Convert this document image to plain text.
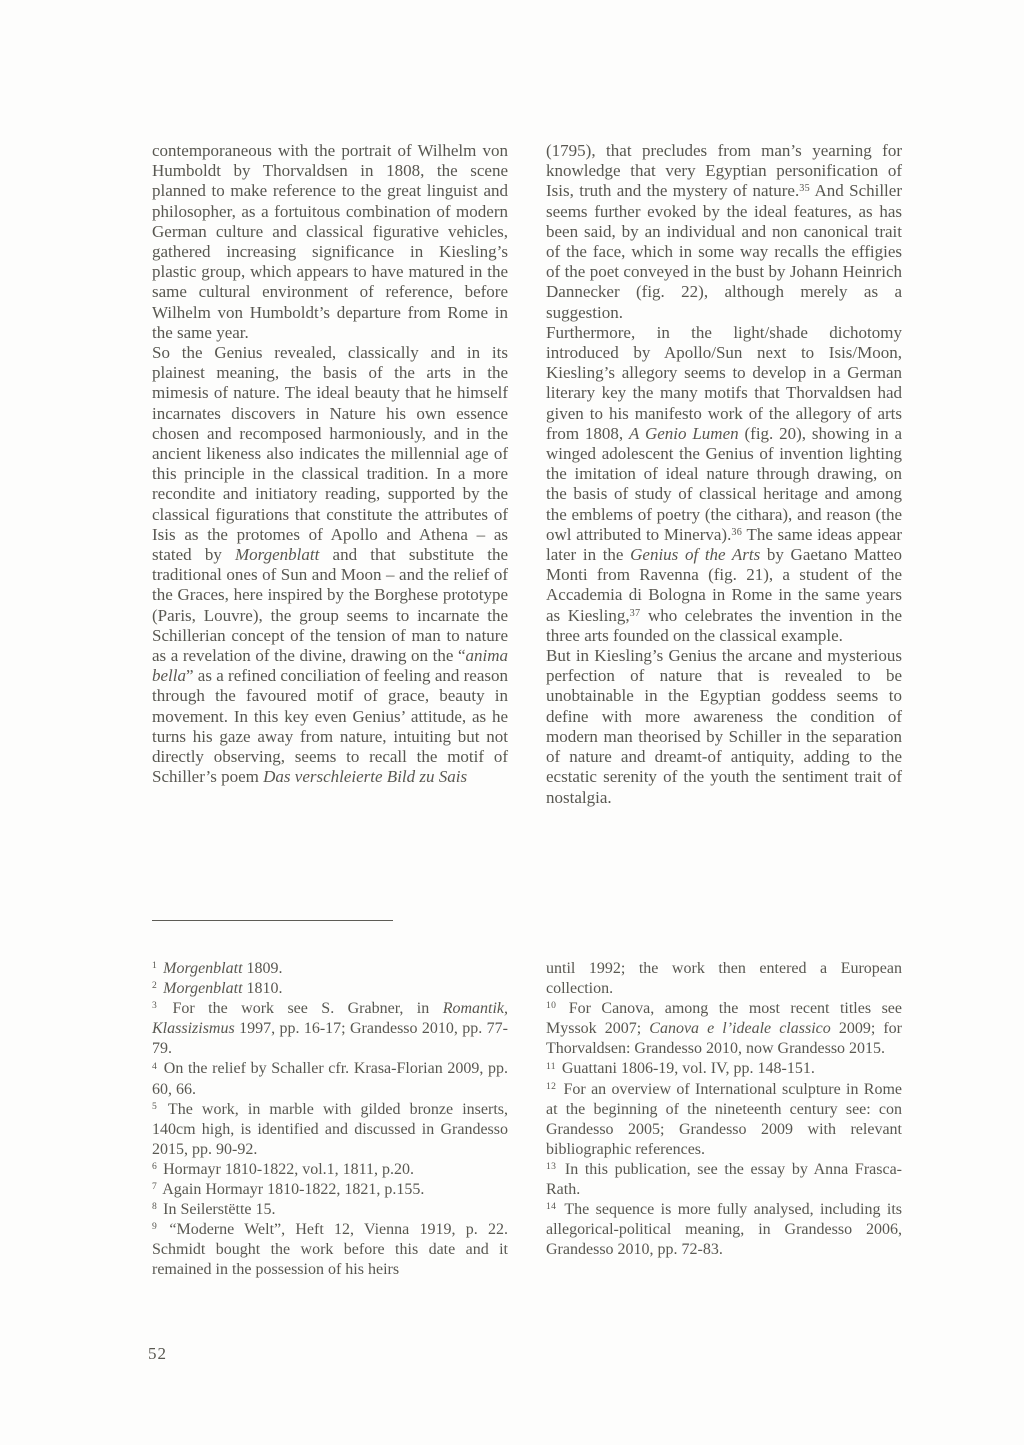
contemporaneous with the portrait of Wilhelm von Humboldt by Thorvaldsen in 1808, the scene planned to make reference to the great linguist and philosopher, as a fortuitous combination of modern German culture and classical figurative vehicles, gathered increasing significance in Kiesling’s plastic group, which appears to have matured in the same cultural environment of reference, before Wilhelm von Humboldt’s departure from Rome in the same year.

So the Genius revealed, classically and in its plainest meaning, the basis of the arts in the mimesis of nature. The ideal beauty that he himself incarnates discovers in Nature his own essence chosen and recomposed harmoniously, and in the ancient likeness also indicates the millennial age of this principle in the classical tradition. In a more recondite and initiatory reading, supported by the classical figurations that constitute the attributes of Isis as the protomes of Apollo and Athena – as stated by Morgenblatt and that substitute the traditional ones of Sun and Moon – and the relief of the Graces, here inspired by the Borghese prototype (Paris, Louvre), the group seems to incarnate the Schillerian concept of the tension of man to nature as a revelation of the divine, drawing on the “anima bella” as a refined conciliation of feeling and reason through the favoured motif of grace, beauty in movement. In this key even Genius’ attitude, as he turns his gaze away from nature, intuiting but not directly observing, seems to recall the motif of Schiller’s poem Das verschleierte Bild zu Sais

(1795), that precludes from man’s yearning for knowledge that very Egyptian personification of Isis, truth and the mystery of nature.$^{35}$ And Schiller seems further evoked by the ideal features, as has been said, by an individual and non canonical trait of the face, which in some way recalls the effigies of the poet conveyed in the bust by Johann Heinrich Dannecker (fig. 22), although merely as a suggestion.

Furthermore, in the light/shade dichotomy introduced by Apollo/Sun next to Isis/Moon, Kiesling’s allegory seems to develop in a German literary key the many motifs that Thorvaldsen had given to his manifesto work of the allegory of arts from 1808, A Genio Lumen (fig. 20), showing in a winged adolescent the Genius of invention lighting the imitation of ideal nature through drawing, on the basis of study of classical heritage and among the emblems of poetry (the cithara), and reason (the owl attributed to Minerva).$^{36}$ The same ideas appear later in the Genius of the Arts by Gaetano Matteo Monti from Ravenna (fig. 21), a student of the Accademia di Bologna in Rome in the same years as Kiesling,$^{37}$ who celebrates the invention in the three arts founded on the classical example.

But in Kiesling’s Genius the arcane and mysterious perfection of nature that is revealed to be unobtainable in the Egyptian goddess seems to define with more awareness the condition of modern man theorised by Schiller in the separation of nature and dreamt-of antiquity, adding to the ecstatic serenity of the youth the sentiment trait of nostalgia.

$^1$ Morgenblatt 1809.

$^2$ Morgenblatt 1810.

$^3$ For the work see S. Grabner, in Romantik, Klassizismus 1997, pp. 16-17; Grandesso 2010, pp. 77-79.

$^4$ On the relief by Schaller cfr. Krasa-Florian 2009, pp. 60, 66.

$^5$ The work, in marble with gilded bronze inserts, 140cm high, is identified and discussed in Grandesso 2015, pp. 90-92.

$^6$ Hormayr 1810-1822, vol.1, 1811, p.20.

$^7$ Again Hormayr 1810-1822, 1821, p.155.

$^8$ In Seilerstëtte 15.

$^9$ “Moderne Welt”, Heft 12, Vienna 1919, p. 22. Schmidt bought the work before this date and it remained in the possession of his heirs

until 1992; the work then entered a European collection.

$^{10}$ For Canova, among the most recent titles see Myssok 2007; Canova e l’ideale classico 2009; for Thorvaldsen: Grandesso 2010, now Grandesso 2015.

$^{11}$ Guattani 1806-19, vol. IV, pp. 148-151.

$^{12}$ For an overview of International sculpture in Rome at the beginning of the nineteenth century see: con Grandesso 2005; Grandesso 2009 with relevant bibliographic references.

$^{13}$ In this publication, see the essay by Anna Frasca-Rath.

$^{14}$ The sequence is more fully analysed, including its allegorical-political meaning, in Grandesso 2006, Grandesso 2010, pp. 72-83.

52
